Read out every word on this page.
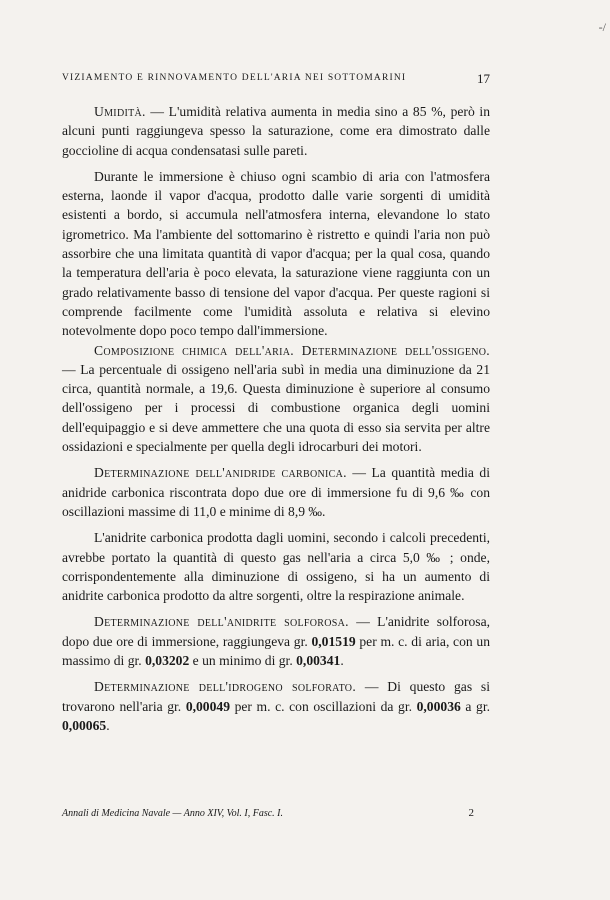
-/
VIZIAMENTO E RINNOVAMENTO DELL'ARIA NEI SOTTOMARINI	17

Umidità. — L'umidità relativa aumenta in media sino a 85 %, però in alcuni punti raggiungeva spesso la saturazione, come era dimostrato dalle goccioline di acqua condensatasi sulle pareti.

Durante le immersione è chiuso ogni scambio di aria con l'atmosfera esterna, laonde il vapor d'acqua, prodotto dalle varie sorgenti di umidità esistenti a bordo, si accumula nell'atmosfera interna, elevandone lo stato igrometrico. Ma l'ambiente del sottomarino è ristretto e quindi l'aria non può assorbire che una limitata quantità di vapor d'acqua; per la qual cosa, quando la temperatura dell'aria è poco elevata, la saturazione viene raggiunta con un grado relativamente basso di tensione del vapor d'acqua. Per queste ragioni si comprende facilmente come l'umidità assoluta e relativa si elevino notevolmente dopo poco tempo dall'immersione.

Composizione chimica dell'aria. Determinazione dell'ossigeno. — La percentuale di ossigeno nell'aria subì in media una diminuzione da 21 circa, quantità normale, a 19,6. Questa diminuzione è superiore al consumo dell'ossigeno per i processi di combustione organica degli uomini dell'equipaggio e si deve ammettere che una quota di esso sia servita per altre ossidazioni e specialmente per quella degli idrocarburi dei motori.

Determinazione dell'anidride carbonica. — La quantità media di anidride carbonica riscontrata dopo due ore di immersione fu di 9,6 ‰ con oscillazioni massime di 11,0 e minime di 8,9 ‰.

L'anidrite carbonica prodotta dagli uomini, secondo i calcoli precedenti, avrebbe portato la quantità di questo gas nell'aria a circa 5,0 ‰ ; onde, corrispondentemente alla diminuzione di ossigeno, si ha un aumento di anidrite carbonica prodotto da altre sorgenti, oltre la respirazione animale.

Determinazione dell'anidrite solforosa. — L'anidrite solforosa, dopo due ore di immersione, raggiungeva gr. 0,01519 per m. c. di aria, con un massimo di gr. 0,03202 e un minimo di gr. 0,00341.

Determinazione dell'idrogeno solforato. — Di questo gas si trovarono nell'aria gr. 0,00049 per m. c. con oscillazioni da gr. 0,00036 a gr. 0,00065.

Annali di Medicina Navale — Anno XIV, Vol. I, Fasc. I.	2
